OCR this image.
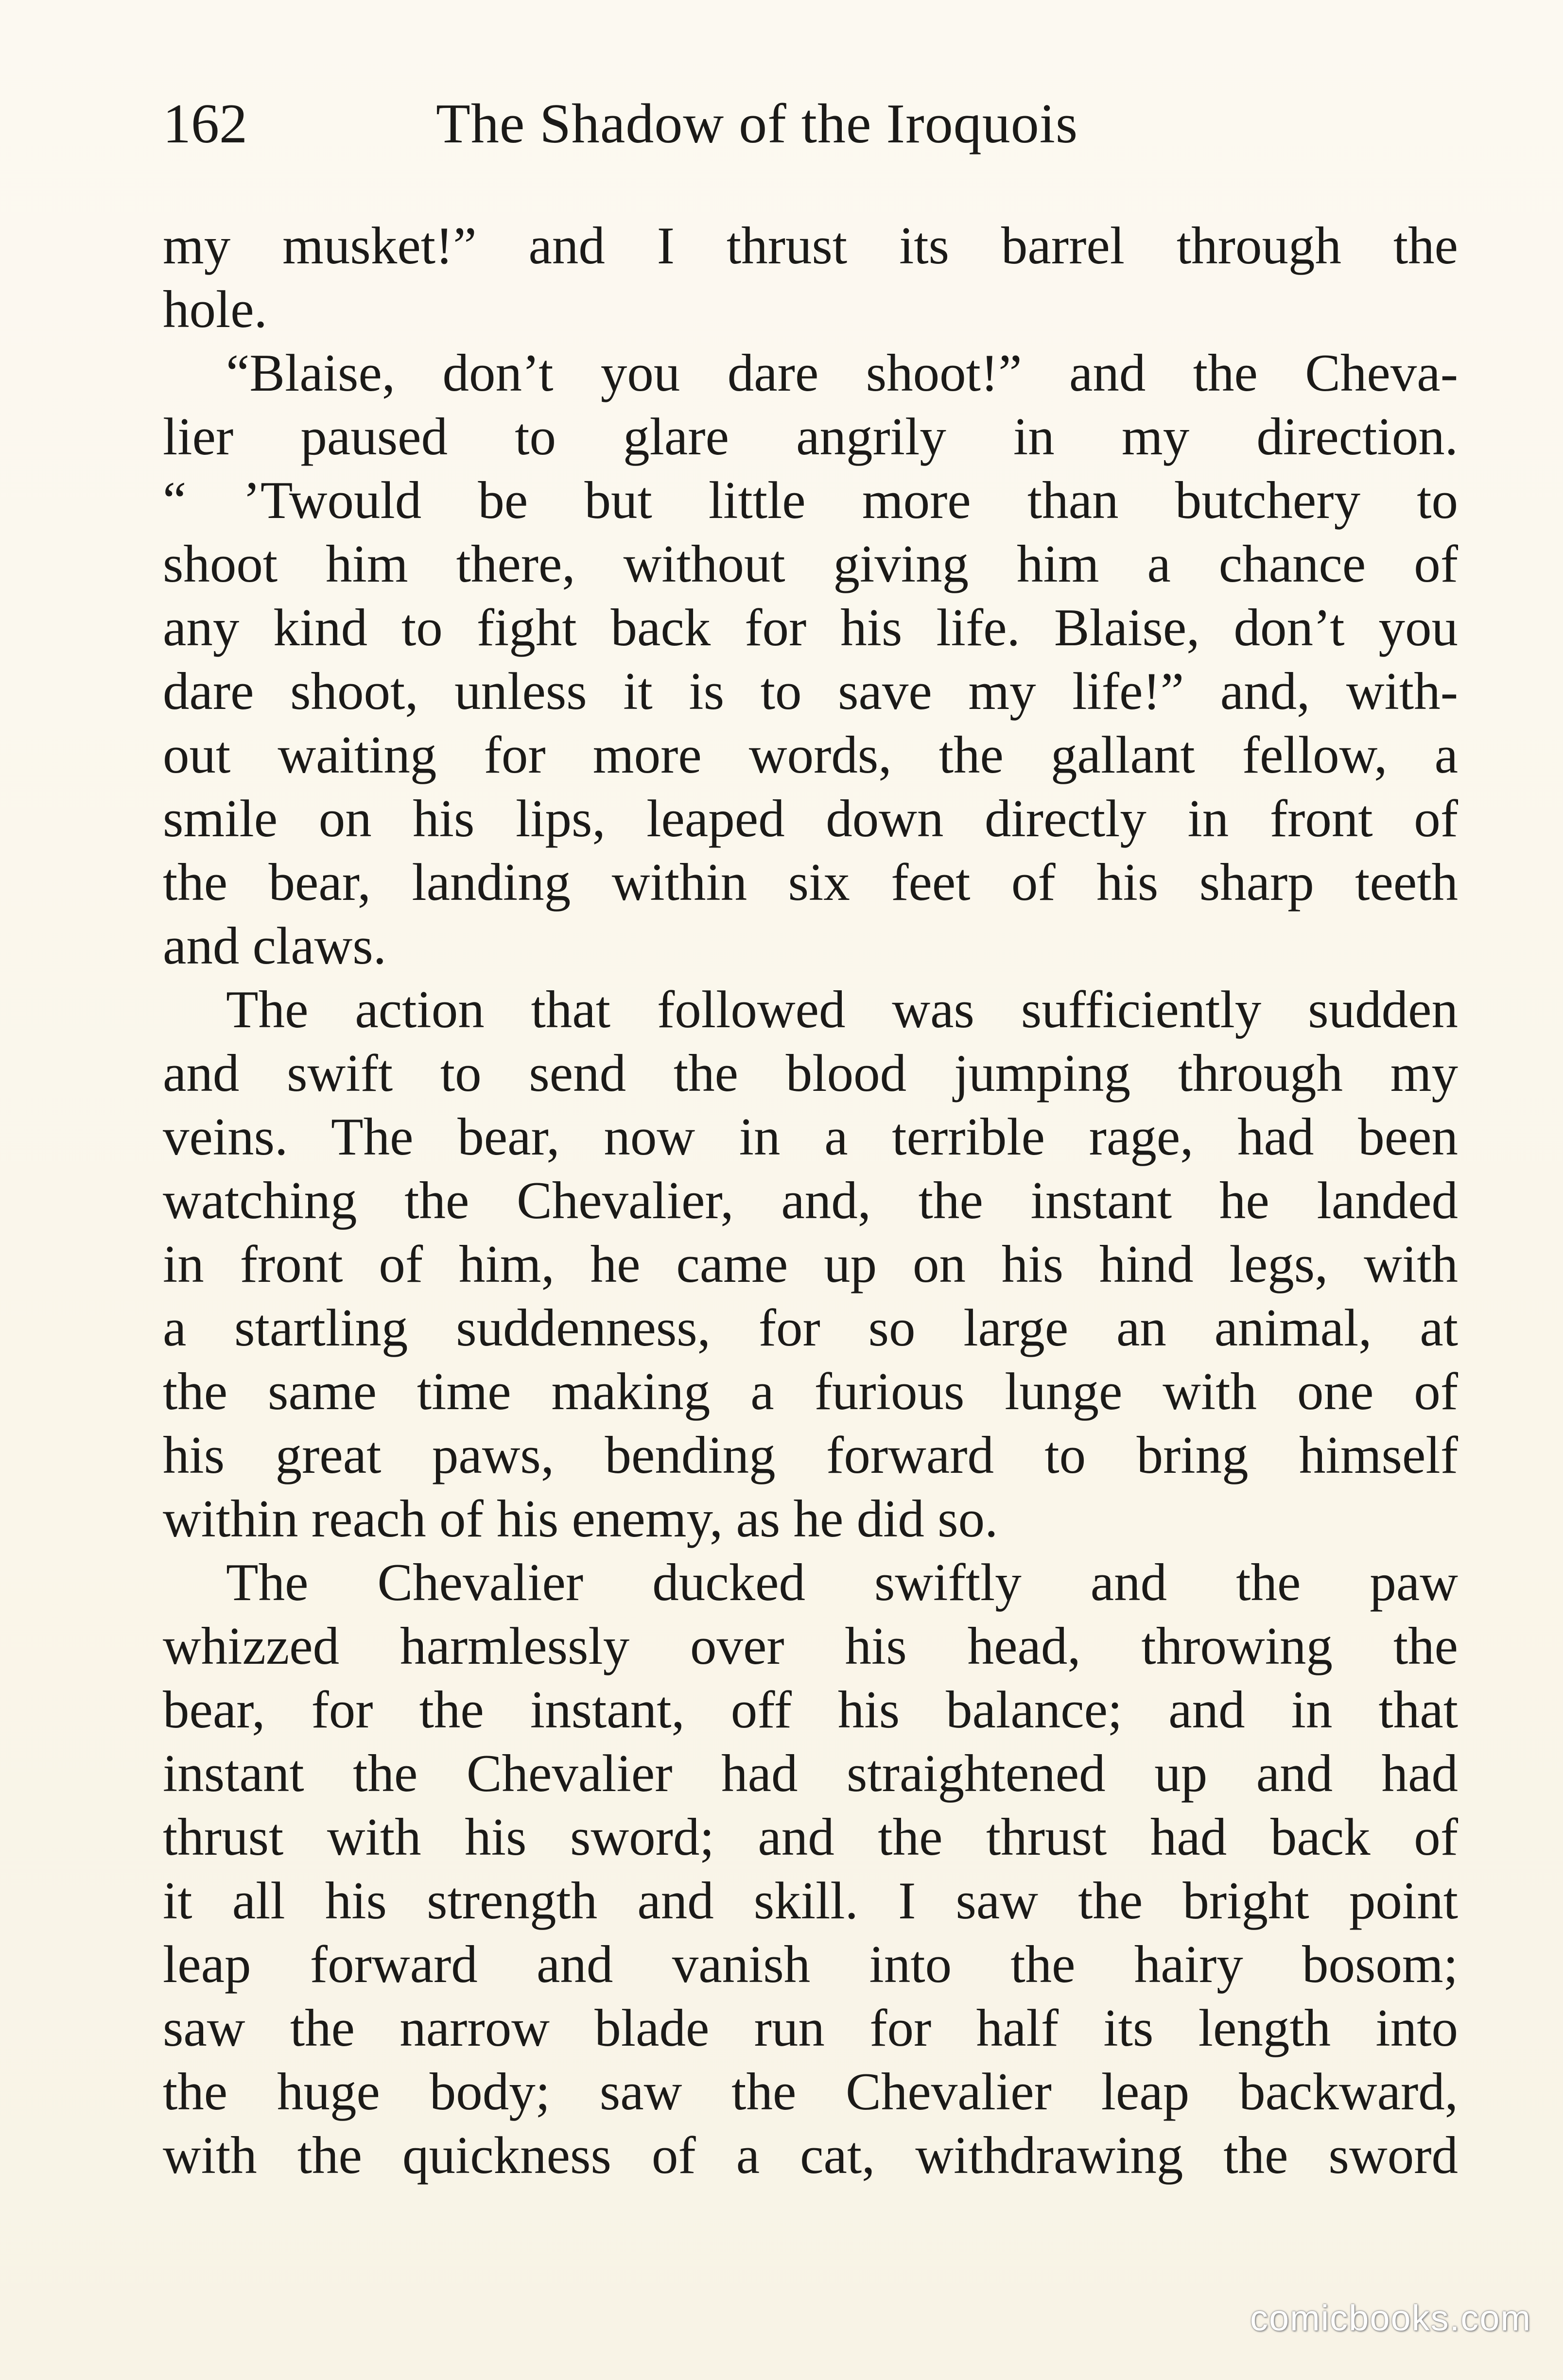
162	The Shadow of the Iroquois
my musket!” and I thrust its barrel through the
hole.
“Blaise, don’t you dare shoot!” and the Cheva-
lier paused to glare angrily in my direction.
“ ’Twould be but little more than butchery to
shoot him there, without giving him a chance of
any kind to fight back for his life. Blaise, don’t you
dare shoot, unless it is to save my life!” and, with-
out waiting for more words, the gallant fellow, a
smile on his lips, leaped down directly in front of
the bear, landing within six feet of his sharp teeth
and claws.
The action that followed was sufficiently sudden
and swift to send the blood jumping through my
veins. The bear, now in a terrible rage, had been
watching the Chevalier, and, the instant he landed
in front of him, he came up on his hind legs, with
a startling suddenness, for so large an animal, at
the same time making a furious lunge with one of
his great paws, bending forward to bring himself
within reach of his enemy, as he did so.
The Chevalier ducked swiftly and the paw
whizzed harmlessly over his head, throwing the
bear, for the instant, off his balance; and in that
instant the Chevalier had straightened up and had
thrust with his sword; and the thrust had back of
it all his strength and skill. I saw the bright point
leap forward and vanish into the hairy bosom;
saw the narrow blade run for half its length into
the huge body; saw the Chevalier leap backward,
with the quickness of a cat, withdrawing the sword
comicbooks.com
